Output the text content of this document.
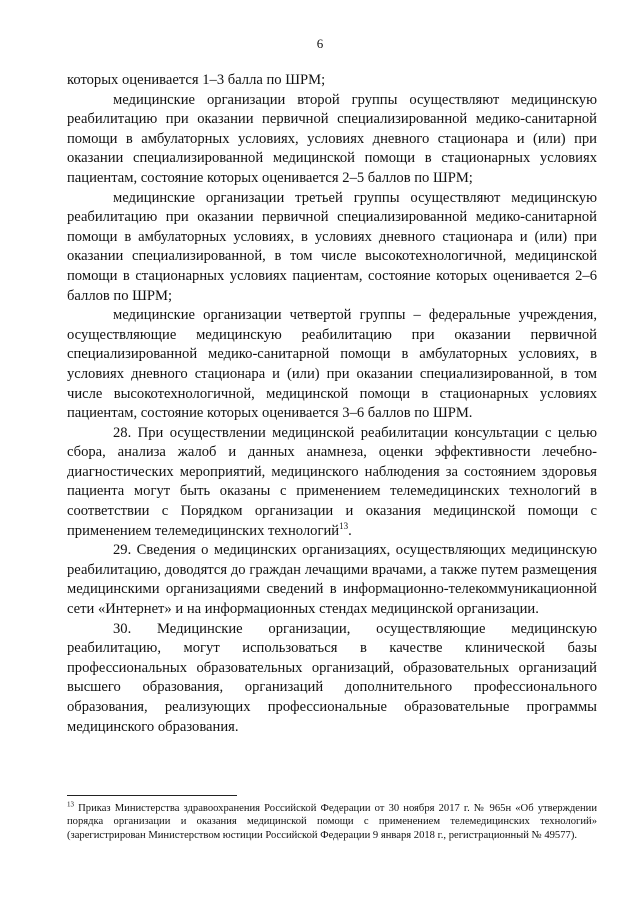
6

которых оценивается 1–3 балла по ШРМ;

медицинские организации второй группы осуществляют медицинскую реабилитацию при оказании первичной специализированной медико-санитарной помощи в амбулаторных условиях, условиях дневного стационара и (или) при оказании специализированной медицинской помощи в стационарных условиях пациентам, состояние которых оценивается 2–5 баллов по ШРМ;

медицинские организации третьей группы осуществляют медицинскую реабилитацию при оказании первичной специализированной медико-санитарной помощи в амбулаторных условиях, в условиях дневного стационара и (или) при оказании специализированной, в том числе высокотехнологичной, медицинской помощи в стационарных условиях пациентам, состояние которых оценивается 2–6 баллов по ШРМ;

медицинские организации четвертой группы – федеральные учреждения, осуществляющие медицинскую реабилитацию при оказании первичной специализированной медико-санитарной помощи в амбулаторных условиях, в условиях дневного стационара и (или) при оказании специализированной, в том числе высокотехнологичной, медицинской помощи в стационарных условиях пациентам, состояние которых оценивается 3–6 баллов по ШРМ.

28. При осуществлении медицинской реабилитации консультации с целью сбора, анализа жалоб и данных анамнеза, оценки эффективности лечебно-диагностических мероприятий, медицинского наблюдения за состоянием здоровья пациента могут быть оказаны с применением телемедицинских технологий в соответствии с Порядком организации и оказания медицинской помощи с применением телемедицинских технологий$^{13}$.

29. Сведения о медицинских организациях, осуществляющих медицинскую реабилитацию, доводятся до граждан лечащими врачами, а также путем размещения медицинскими организациями сведений в информационно-телекоммуникационной сети «Интернет» и на информационных стендах медицинской организации.

30. Медицинские организации, осуществляющие медицинскую реабилитацию, могут использоваться в качестве клинической базы профессиональных образовательных организаций, образовательных организаций высшего образования, организаций дополнительного профессионального образования, реализующих профессиональные образовательные программы медицинского образования.

$^{13}$ Приказ Министерства здравоохранения Российской Федерации от 30 ноября 2017 г. № 965н «Об утверждении порядка организации и оказания медицинской помощи с применением телемедицинских технологий» (зарегистрирован Министерством юстиции Российской Федерации 9 января 2018 г., регистрационный № 49577).
